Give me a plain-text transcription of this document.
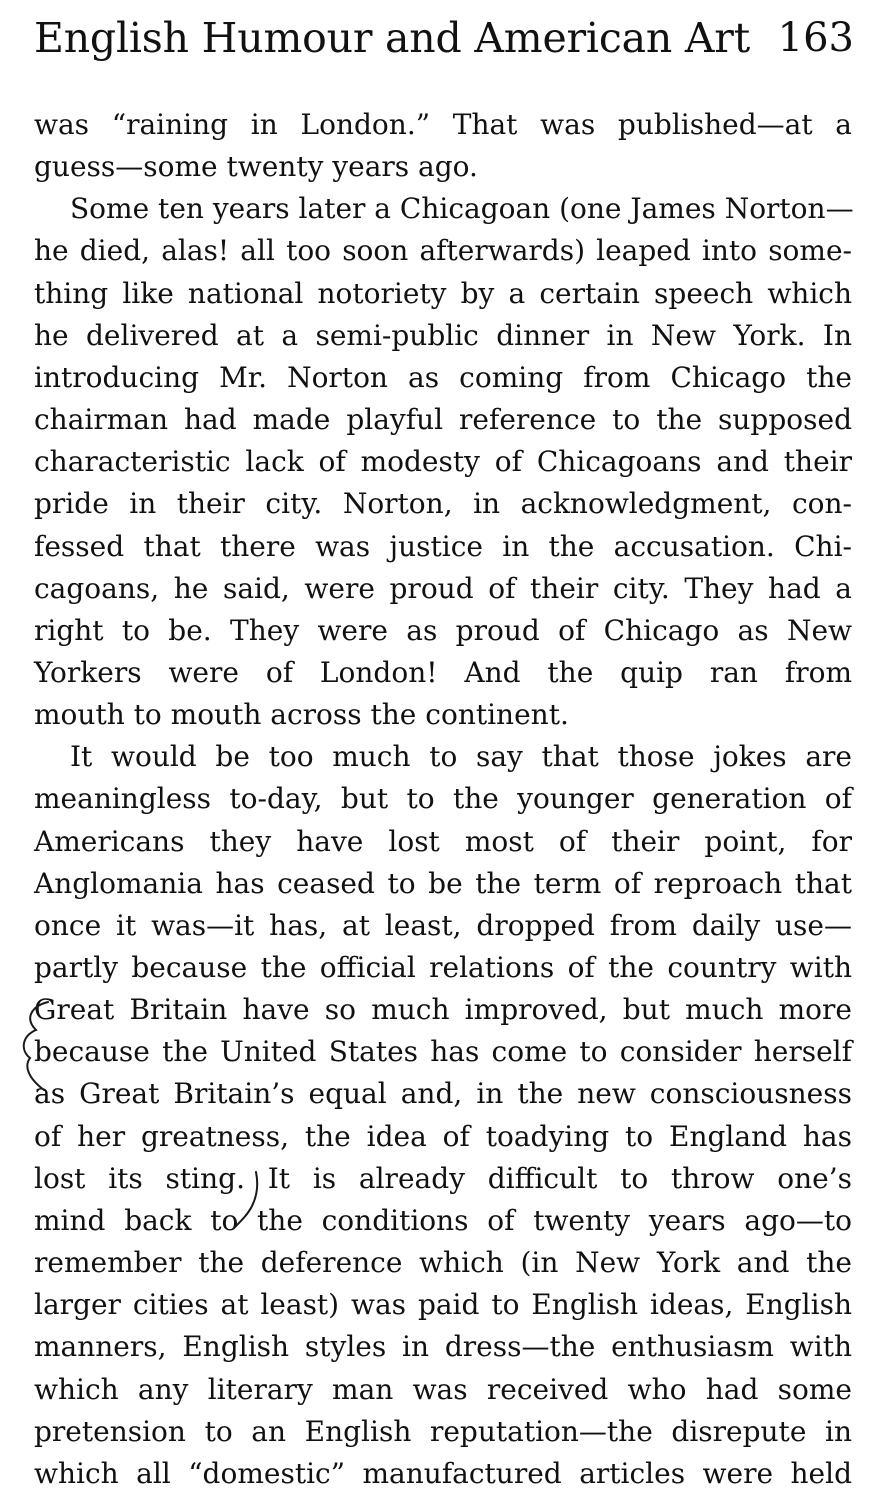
English Humour and American Art 163
was “raining in London.” That was published—at a
guess—some twenty years ago.
Some ten years later a Chicagoan (one James Norton—
he died, alas! all too soon afterwards) leaped into some-
thing like national notoriety by a certain speech which
he delivered at a semi-public dinner in New York. In
introducing Mr. Norton as coming from Chicago the
chairman had made playful reference to the supposed
characteristic lack of modesty of Chicagoans and their
pride in their city. Norton, in acknowledgment, con-
fessed that there was justice in the accusation. Chi-
cagoans, he said, were proud of their city. They had a
right to be. They were as proud of Chicago as New
Yorkers were of London! And the quip ran from
mouth to mouth across the continent.
It would be too much to say that those jokes are
meaningless to-day, but to the younger generation of
Americans they have lost most of their point, for
Anglomania has ceased to be the term of reproach that
once it was—it has, at least, dropped from daily use—
partly because the official relations of the country with
Great Britain have so much improved, but much more
because the United States has come to consider herself
as Great Britain’s equal and, in the new consciousness
of her greatness, the idea of toadying to England has
lost its sting. It is already difficult to throw one’s
mind back to the conditions of twenty years ago—to
remember the deference which (in New York and the
larger cities at least) was paid to English ideas, English
manners, English styles in dress—the enthusiasm with
which any literary man was received who had some
pretension to an English reputation—the disrepute in
which all “domestic” manufactured articles were held
